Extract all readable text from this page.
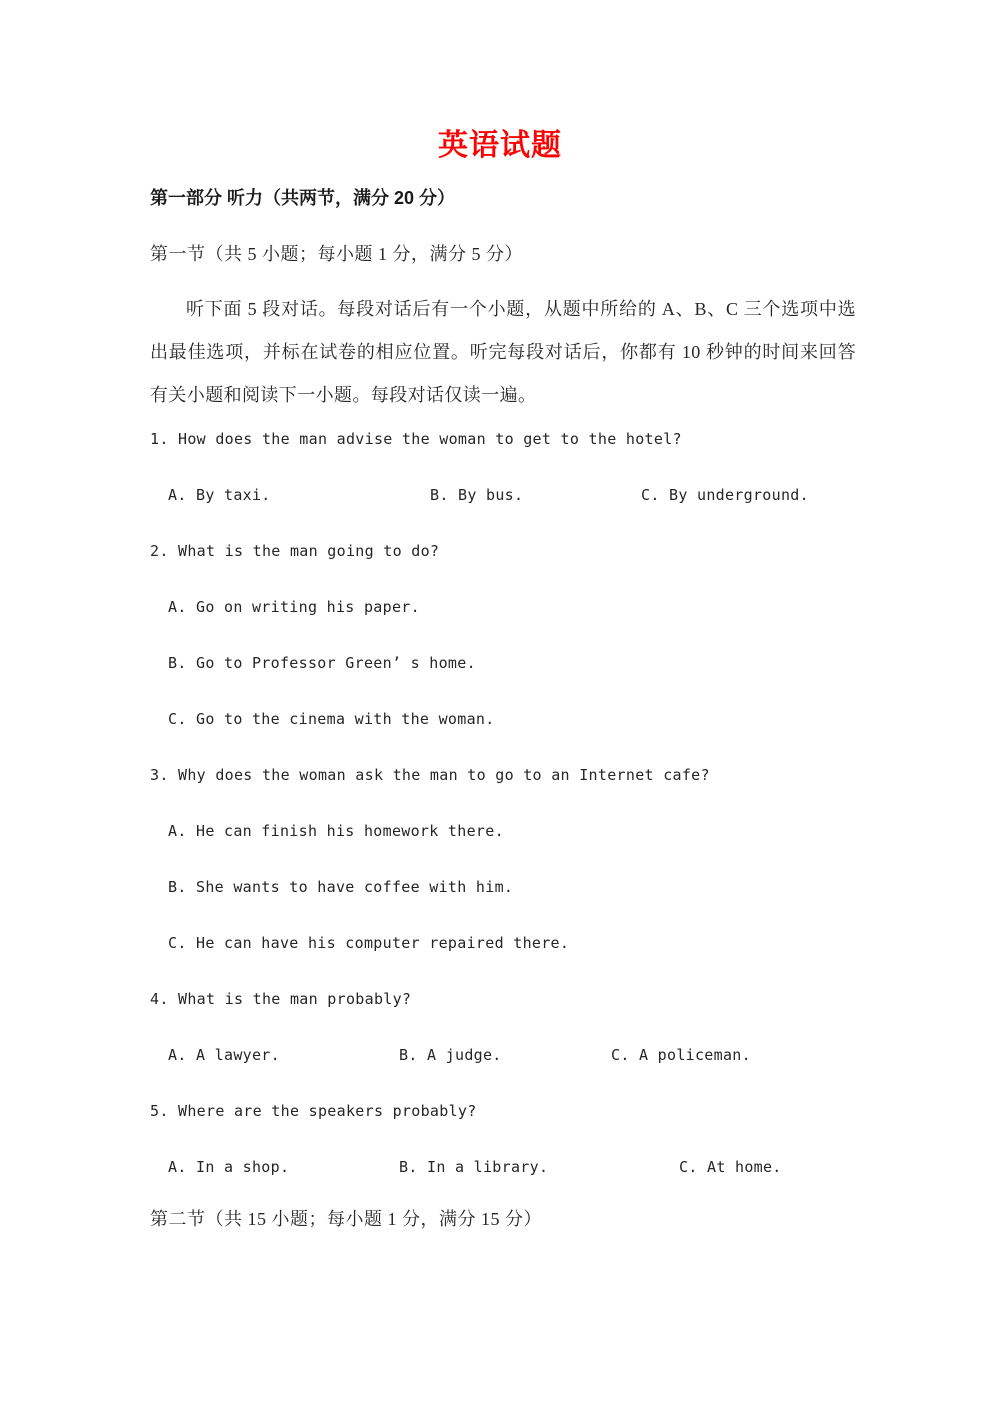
英语试题
第一部分 听力（共两节，满分 20 分）
第一节（共 5 小题；每小题 1 分，满分 5 分）

听下面 5 段对话。每段对话后有一个小题，从题中所给的 A、B、C 三个选项中选出最佳选项，并标在试卷的相应位置。听完每段对话后，你都有 10 秒钟的时间来回答有关小题和阅读下一小题。每段对话仅读一遍。

1. How does the man advise the woman to get to the hotel?
A. By taxi.	B. By bus.	C. By underground.
2. What is the man going to do?
A. Go on writing his paper.
B. Go to Professor Green’ s home.
C. Go to the cinema with the woman.
3. Why does the woman ask the man to go to an Internet cafe?
A. He can finish his homework there.
B. She wants to have coffee with him.
C. He can have his computer repaired there.
4. What is the man probably?
A. A lawyer.	B. A judge.	C. A policeman.
5. Where are the speakers probably?
A. In a shop.	B. In a library.	C. At home.
第二节（共 15 小题；每小题 1 分，满分 15 分）
